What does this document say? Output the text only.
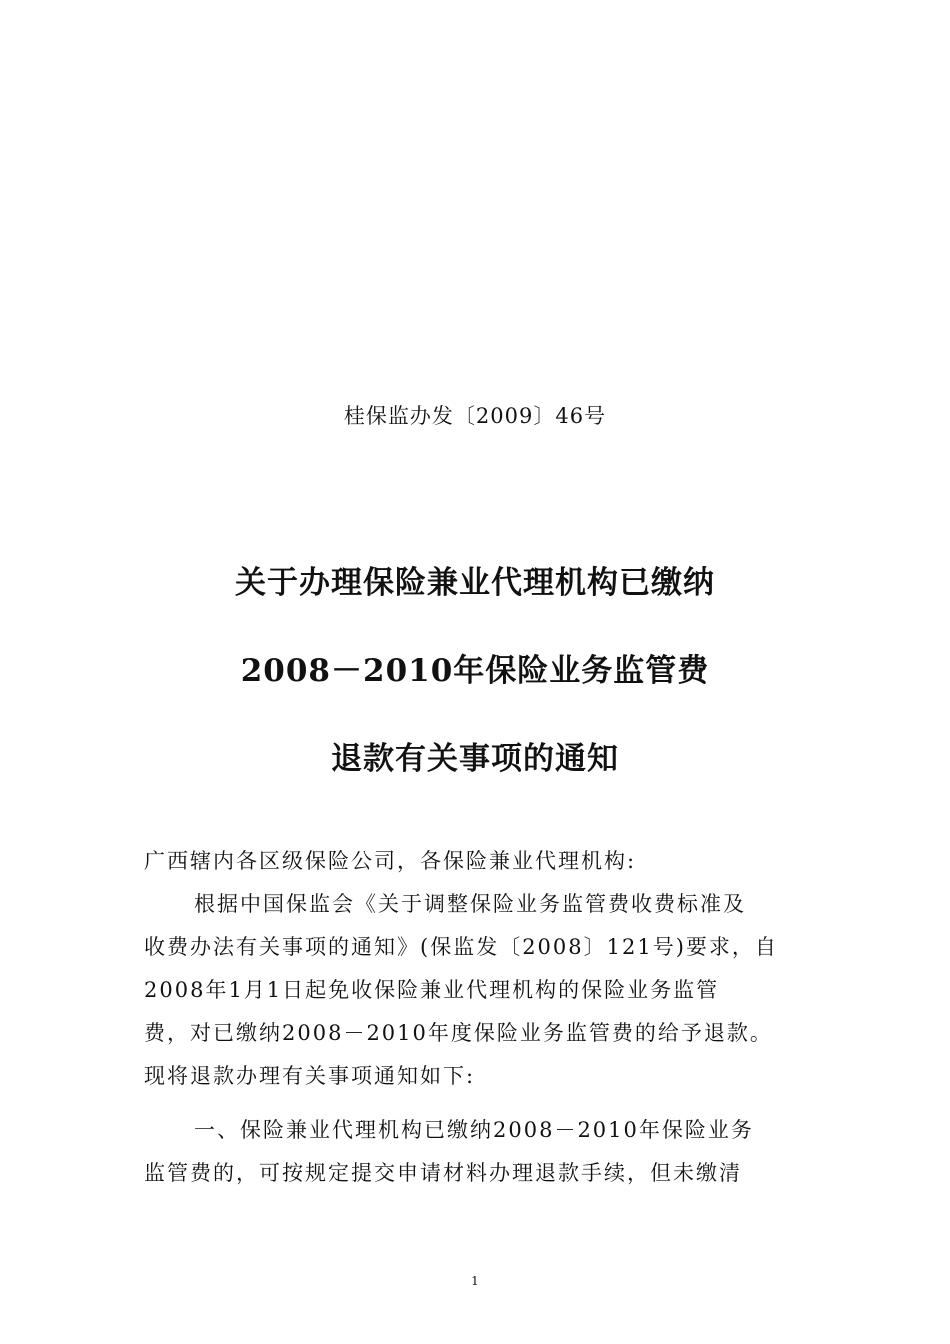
桂保监办发〔2009〕46号
关于办理保险兼业代理机构已缴纳
2008－2010年保险业务监管费
退款有关事项的通知
广西辖内各区级保险公司，各保险兼业代理机构:
根据中国保监会《关于调整保险业务监管费收费标准及
收费办法有关事项的通知》(保监发〔2008〕121号)要求，自
2008年1月1日起免收保险兼业代理机构的保险业务监管
费，对已缴纳2008－2010年度保险业务监管费的给予退款。
现将退款办理有关事项通知如下:
一、保险兼业代理机构已缴纳2008－2010年保险业务
监管费的，可按规定提交申请材料办理退款手续，但未缴清
1
